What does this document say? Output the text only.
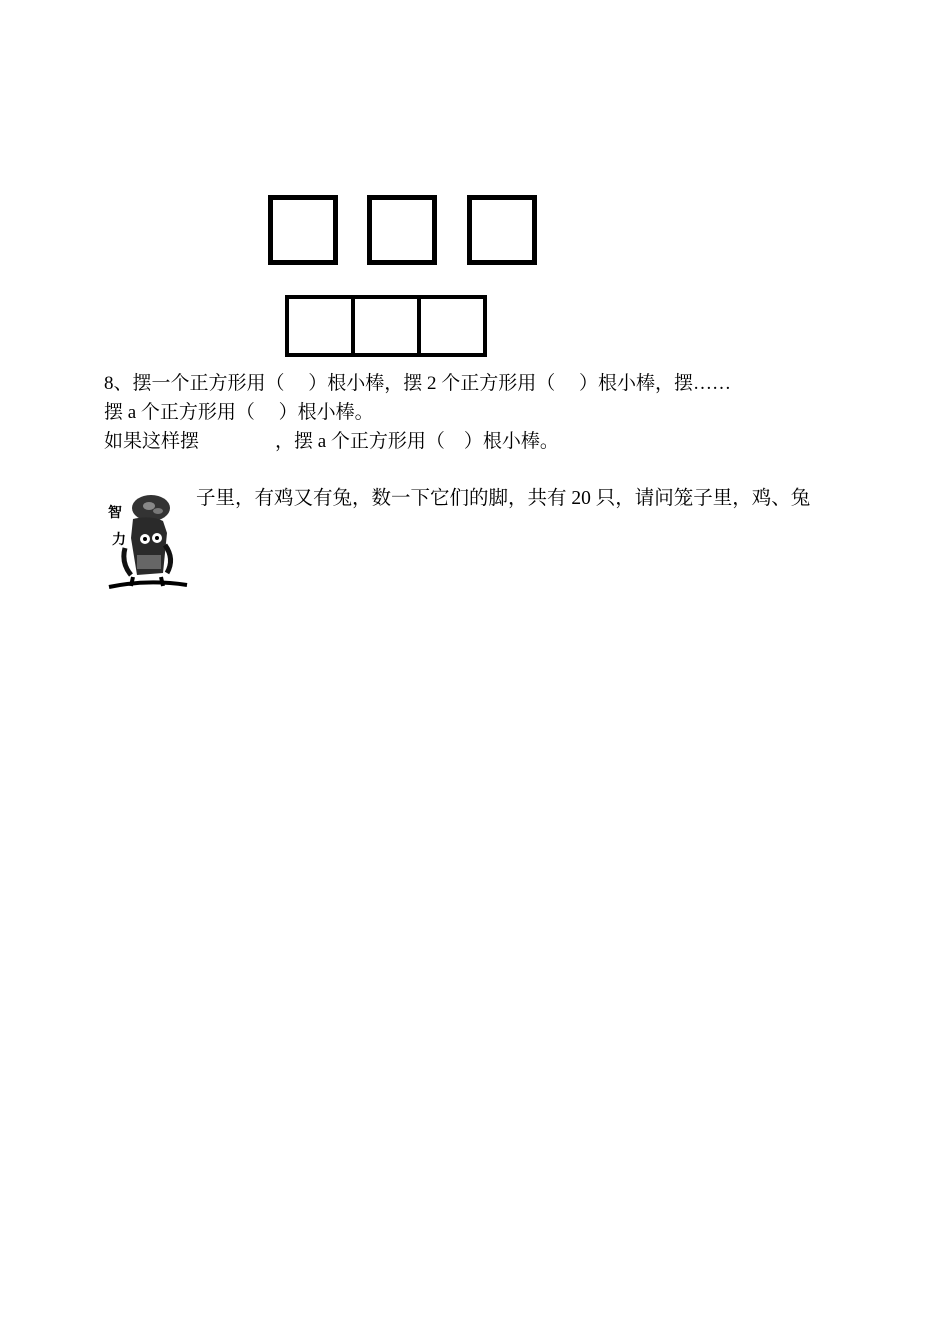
8、摆一个正方形用（     ）根小棒，摆 2 个正方形用（     ）根小棒，摆……
摆 a 个正方形用（     ）根小棒。
如果这样摆                ，摆 a 个正方形用（    ）根小棒。
智
力
子里，有鸡又有兔，数一下它们的脚，共有 20 只，请问笼子里，鸡、兔
